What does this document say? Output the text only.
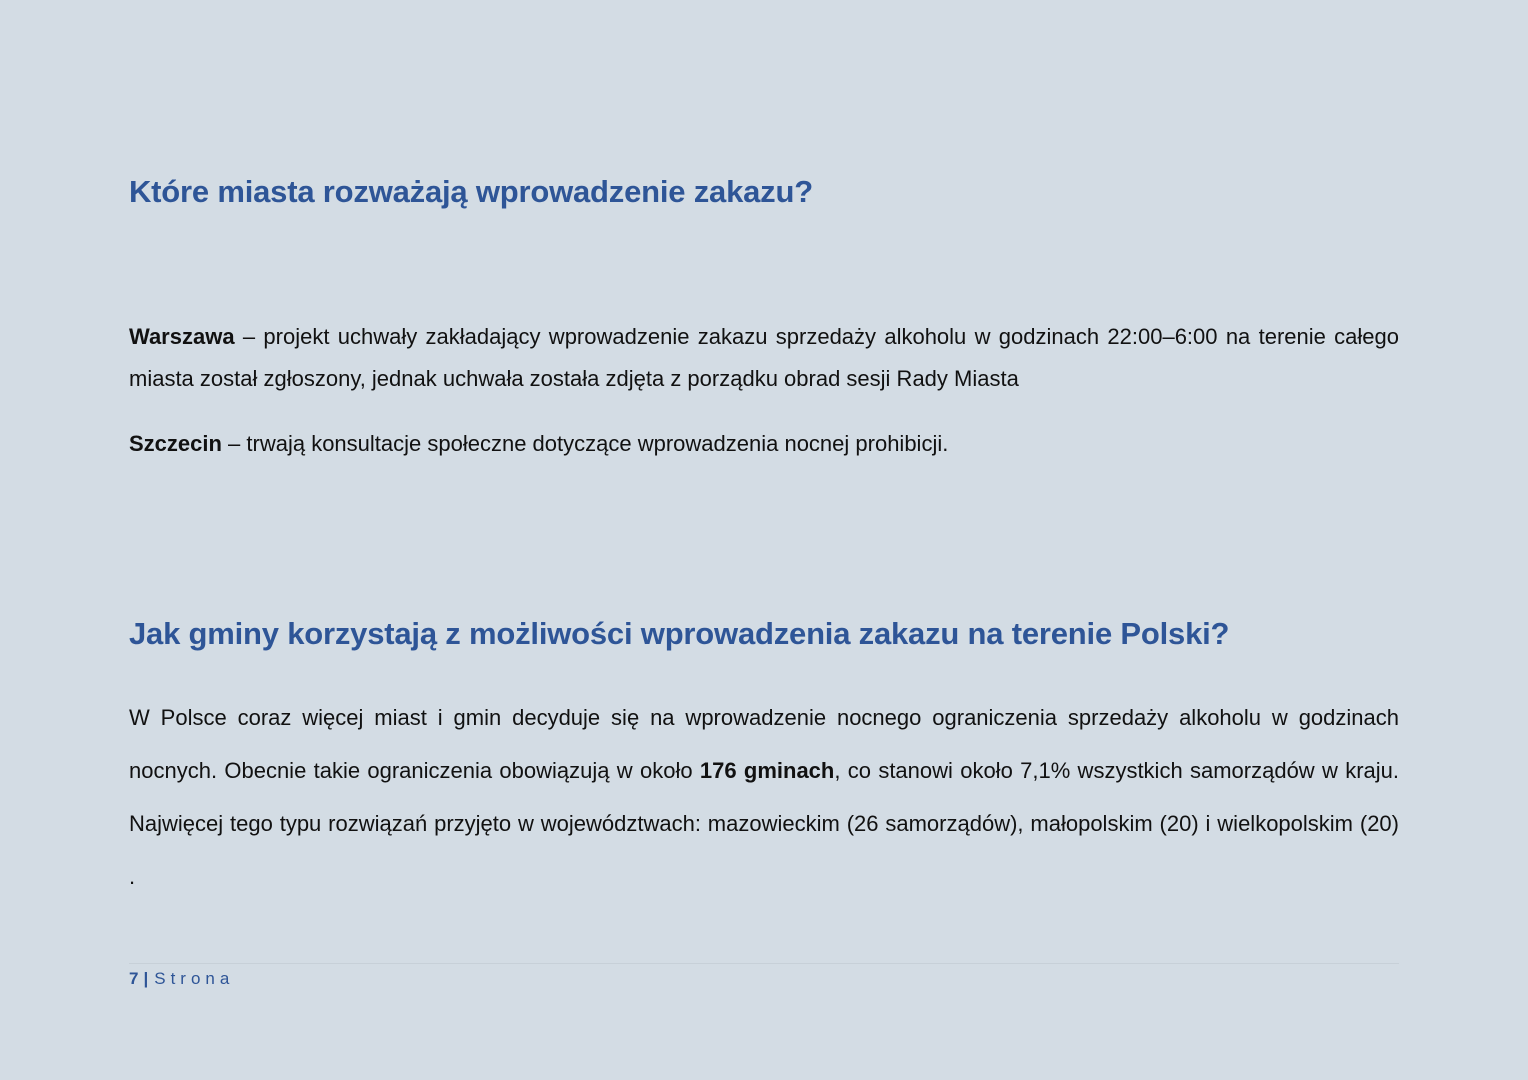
Które miasta rozważają wprowadzenie zakazu?

Warszawa – projekt uchwały zakładający wprowadzenie zakazu sprzedaży alkoholu w godzinach 22:00–6:00 na terenie całego miasta został zgłoszony, jednak uchwała została zdjęta z porządku obrad sesji Rady Miasta

Szczecin – trwają konsultacje społeczne dotyczące wprowadzenia nocnej prohibicji.

Jak gminy korzystają z możliwości wprowadzenia zakazu na terenie Polski?

W Polsce coraz więcej miast i gmin decyduje się na wprowadzenie nocnego ograniczenia sprzedaży alkoholu w godzinach nocnych. Obecnie takie ograniczenia obowiązują w około 176 gminach, co stanowi około 7,1% wszystkich samorządów w kraju. Najwięcej tego typu rozwiązań przyjęto w województwach: mazowieckim (26 samorządów), małopolskim (20) i wielkopolskim (20) .

7 | Strona
